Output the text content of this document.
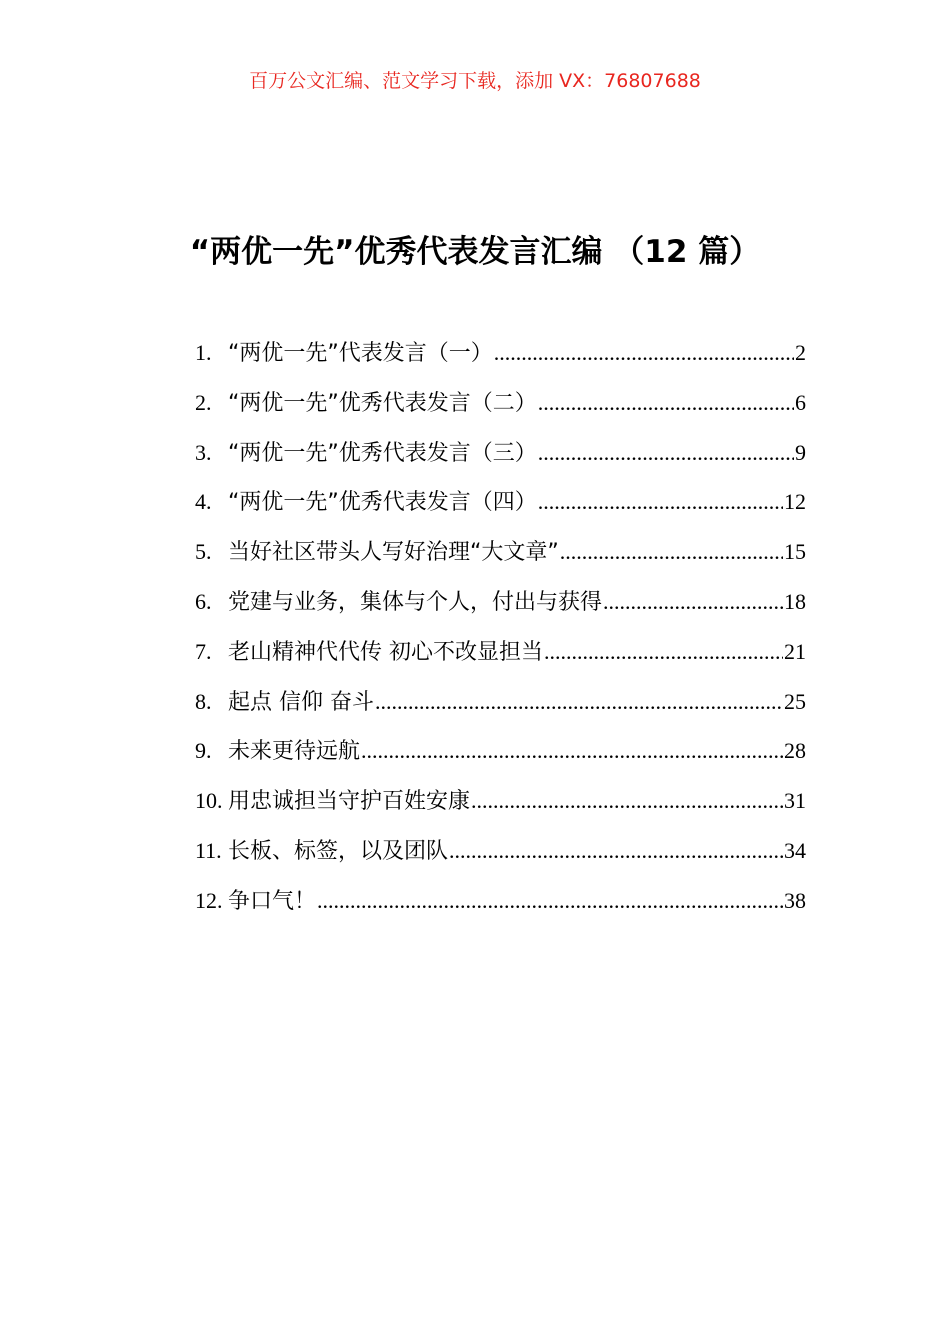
百万公文汇编、范文学习下载，添加 VX：76807688
“两优一先”优秀代表发言汇编 （12 篇）
1. “两优一先”代表发言（一） .....	2
2. “两优一先”优秀代表发言（二） .....	6
3. “两优一先”优秀代表发言（三） .....	9
4. “两优一先”优秀代表发言（四） .....	12
5. 当好社区带头人写好治理“大文章” .....	15
6. 党建与业务，集体与个人，付出与获得 .....	18
7. 老山精神代代传 初心不改显担当 .....	21
8. 起点 信仰 奋斗 .....	25
9. 未来更待远航 .....	28
10. 用忠诚担当守护百姓安康 .....	31
11. 长板、标签，以及团队 .....	34
12. 争口气！ .....	38
